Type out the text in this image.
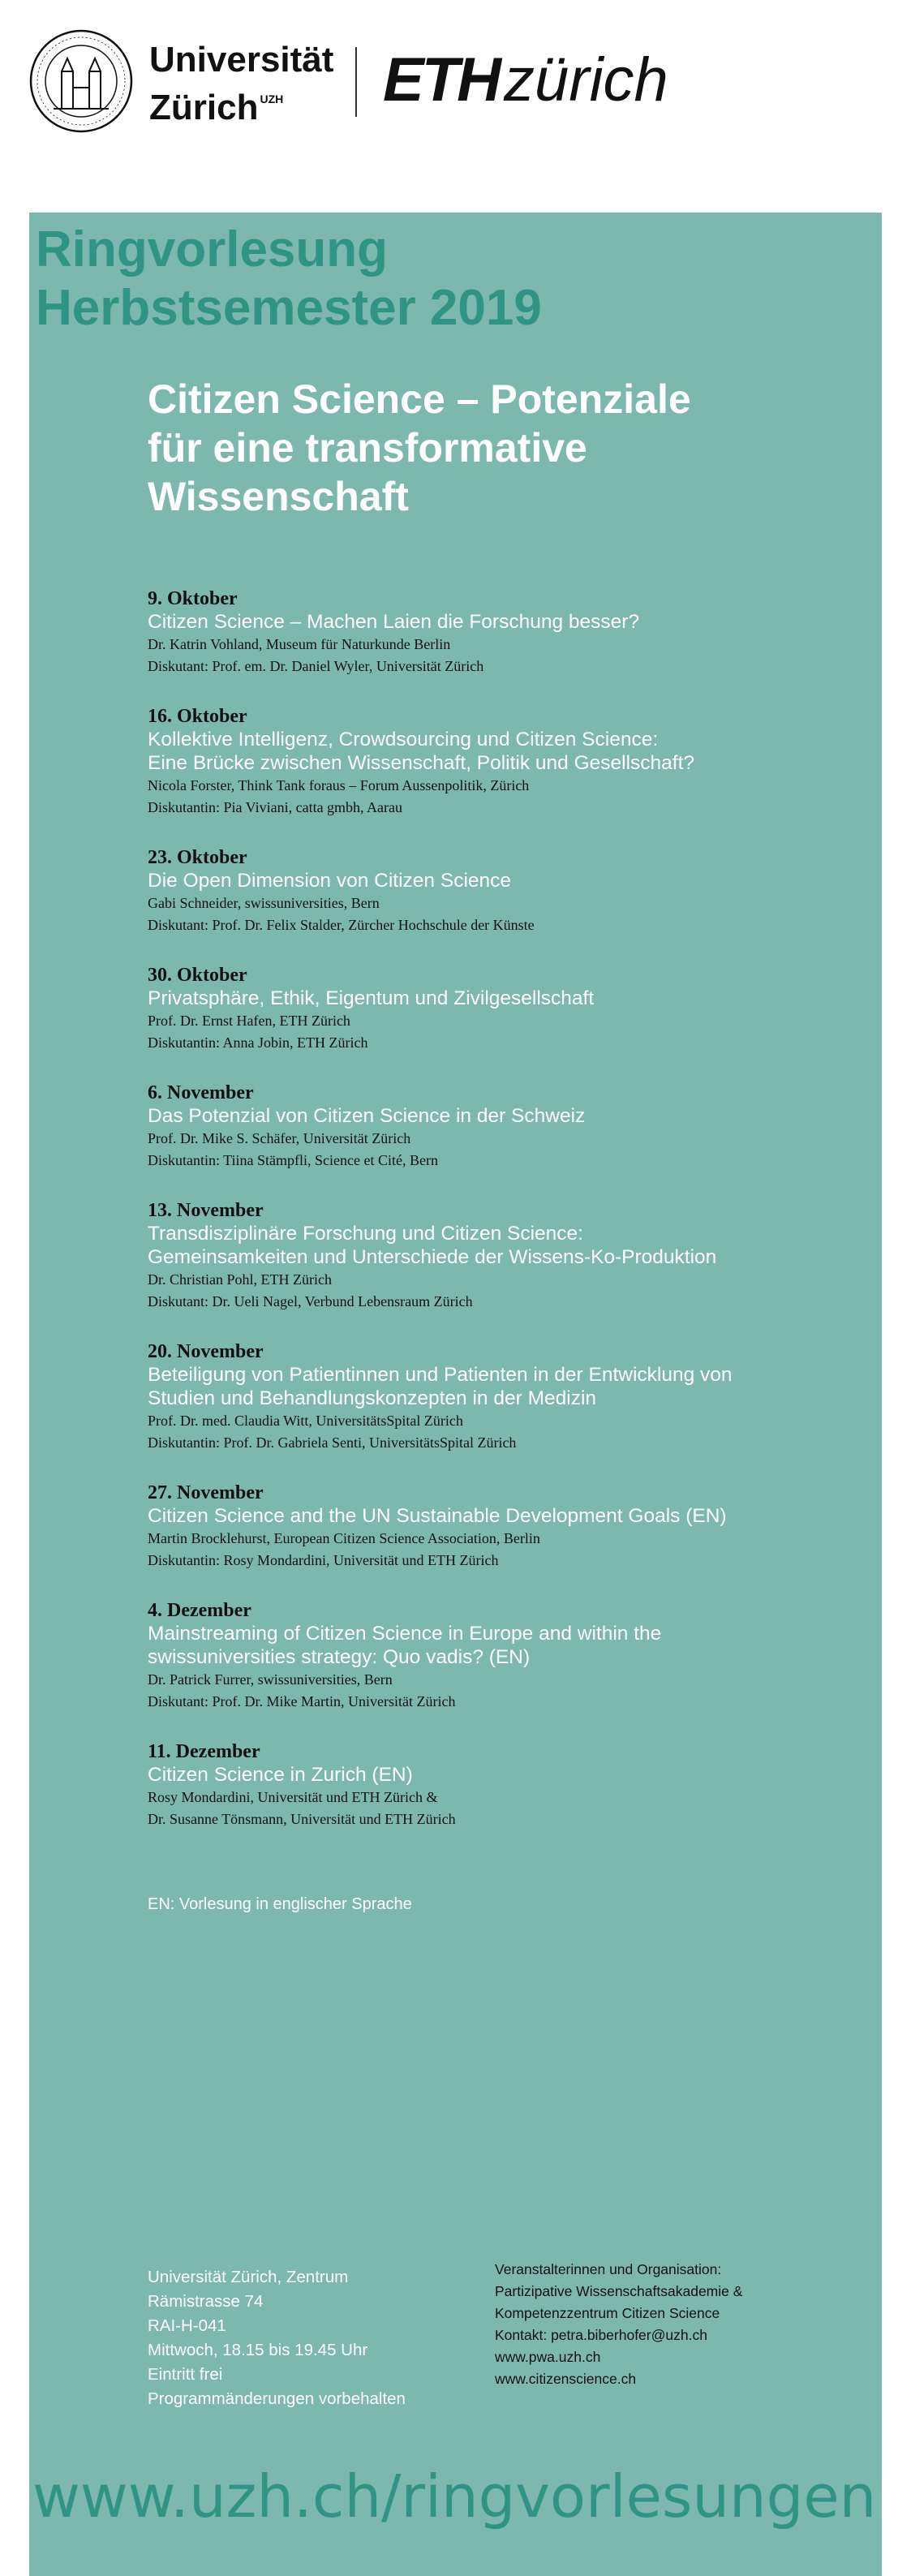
Universität
Zürich $^{UZH}$	ETHzürich
Ringvorlesung
Herbstsemester 2019
Citizen Science – Potenziale
für eine transformative
Wissenschaft
9. Oktober
Citizen Science – Machen Laien die Forschung besser?
Dr. Katrin Vohland, Museum für Naturkunde Berlin
Diskutant: Prof. em. Dr. Daniel Wyler, Universität Zürich
16. Oktober
Kollektive Intelligenz, Crowdsourcing und Citizen Science:
Eine Brücke zwischen Wissenschaft, Politik und Gesellschaft?
Nicola Forster, Think Tank foraus – Forum Aussenpolitik, Zürich
Diskutantin: Pia Viviani, catta gmbh, Aarau
23. Oktober
Die Open Dimension von Citizen Science
Gabi Schneider, swissuniversities, Bern
Diskutant: Prof. Dr. Felix Stalder, Zürcher Hochschule der Künste
30. Oktober
Privatsphäre, Ethik, Eigentum und Zivilgesellschaft
Prof. Dr. Ernst Hafen, ETH Zürich
Diskutantin: Anna Jobin, ETH Zürich
6. November
Das Potenzial von Citizen Science in der Schweiz
Prof. Dr. Mike S. Schäfer, Universität Zürich
Diskutantin: Tiina Stämpfli, Science et Cité, Bern
13. November
Transdisziplinäre Forschung und Citizen Science:
Gemeinsamkeiten und Unterschiede der Wissens-Ko-Produktion
Dr. Christian Pohl, ETH Zürich
Diskutant: Dr. Ueli Nagel, Verbund Lebensraum Zürich
20. November
Beteiligung von Patientinnen und Patienten in der Entwicklung von
Studien und Behandlungskonzepten in der Medizin
Prof. Dr. med. Claudia Witt, UniversitätsSpital Zürich
Diskutantin: Prof. Dr. Gabriela Senti, UniversitätsSpital Zürich
27. November
Citizen Science and the UN Sustainable Development Goals (EN)
Martin Brocklehurst, European Citizen Science Association, Berlin
Diskutantin: Rosy Mondardini, Universität und ETH Zürich
4. Dezember
Mainstreaming of Citizen Science in Europe and within the
swissuniversities strategy: Quo vadis? (EN)
Dr. Patrick Furrer, swissuniversities, Bern
Diskutant: Prof. Dr. Mike Martin, Universität Zürich
11. Dezember
Citizen Science in Zurich (EN)
Rosy Mondardini, Universität und ETH Zürich &
Dr. Susanne Tönsmann, Universität und ETH Zürich
EN: Vorlesung in englischer Sprache
Universität Zürich, Zentrum
Rämistrasse 74
RAI-H-041
Mittwoch, 18.15 bis 19.45 Uhr
Eintritt frei
Programmänderungen vorbehalten
Veranstalterinnen und Organisation:
Partizipative Wissenschaftsakademie &
Kompetenzzentrum Citizen Science
Kontakt: petra.biberhofer@uzh.ch
www.pwa.uzh.ch
www.citizenscience.ch
www.uzh.ch/ringvorlesungen
